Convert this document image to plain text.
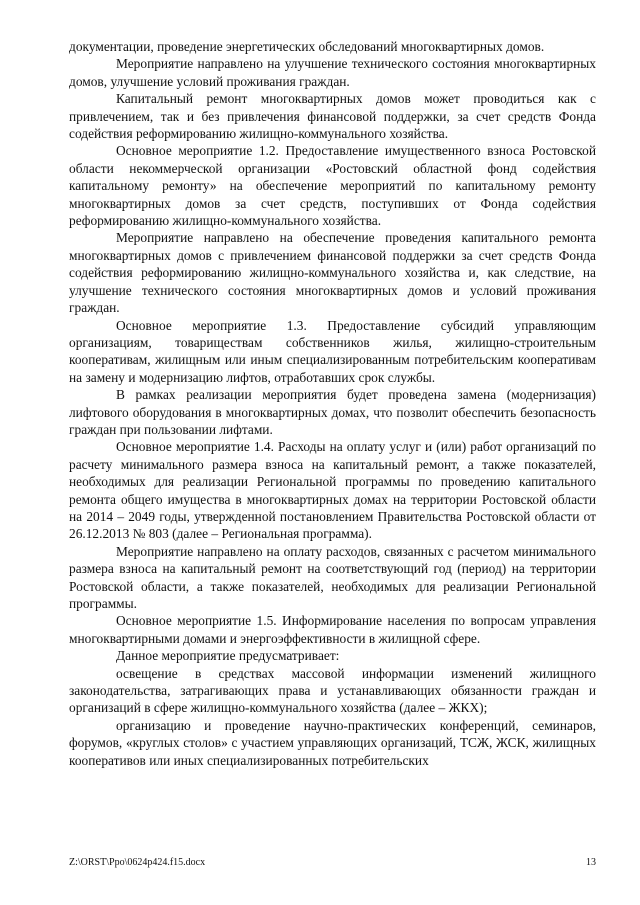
документации, проведение энергетических обследований многоквартирных домов.

Мероприятие направлено на улучшение технического состояния многоквартирных домов, улучшение условий проживания граждан.

Капитальный ремонт многоквартирных домов может проводиться как с привлечением, так и без привлечения финансовой поддержки, за счет средств Фонда содействия реформированию жилищно-коммунального хозяйства.

Основное мероприятие 1.2. Предоставление имущественного взноса Ростовской области некоммерческой организации «Ростовский областной фонд содействия капитальному ремонту» на обеспечение мероприятий по капитальному ремонту многоквартирных домов за счет средств, поступивших от Фонда содействия реформированию жилищно-коммунального хозяйства.

Мероприятие направлено на обеспечение проведения капитального ремонта многоквартирных домов с привлечением финансовой поддержки за счет средств Фонда содействия реформированию жилищно-коммунального хозяйства и, как следствие, на улучшение технического состояния многоквартирных домов и условий проживания граждан.

Основное мероприятие 1.3. Предоставление субсидий управляющим организациям, товариществам собственников жилья, жилищно-строительным кооперативам, жилищным или иным специализированным потребительским кооперативам на замену и модернизацию лифтов, отработавших срок службы.

В рамках реализации мероприятия будет проведена замена (модернизация) лифтового оборудования в многоквартирных домах, что позволит обеспечить безопасность граждан при пользовании лифтами.

Основное мероприятие 1.4. Расходы на оплату услуг и (или) работ организаций по расчету минимального размера взноса на капитальный ремонт, а также показателей, необходимых для реализации Региональной программы по проведению капитального ремонта общего имущества в многоквартирных домах на территории Ростовской области на 2014 – 2049 годы, утвержденной постановлением Правительства Ростовской области от 26.12.2013 № 803 (далее – Региональная программа).

Мероприятие направлено на оплату расходов, связанных с расчетом минимального размера взноса на капитальный ремонт на соответствующий год (период) на территории Ростовской области, а также показателей, необходимых для реализации Региональной программы.

Основное мероприятие 1.5. Информирование населения по вопросам управления многоквартирными домами и энергоэффективности в жилищной сфере.

Данное мероприятие предусматривает:

освещение в средствах массовой информации изменений жилищного законодательства, затрагивающих права и устанавливающих обязанности граждан и организаций в сфере жилищно-коммунального хозяйства (далее – ЖКХ);

организацию и проведение научно-практических конференций, семинаров, форумов, «круглых столов» с участием управляющих организаций, ТСЖ, ЖСК, жилищных кооперативов или иных специализированных потребительских

Z:\ORST\Ppo\0624p424.f15.docx	13
